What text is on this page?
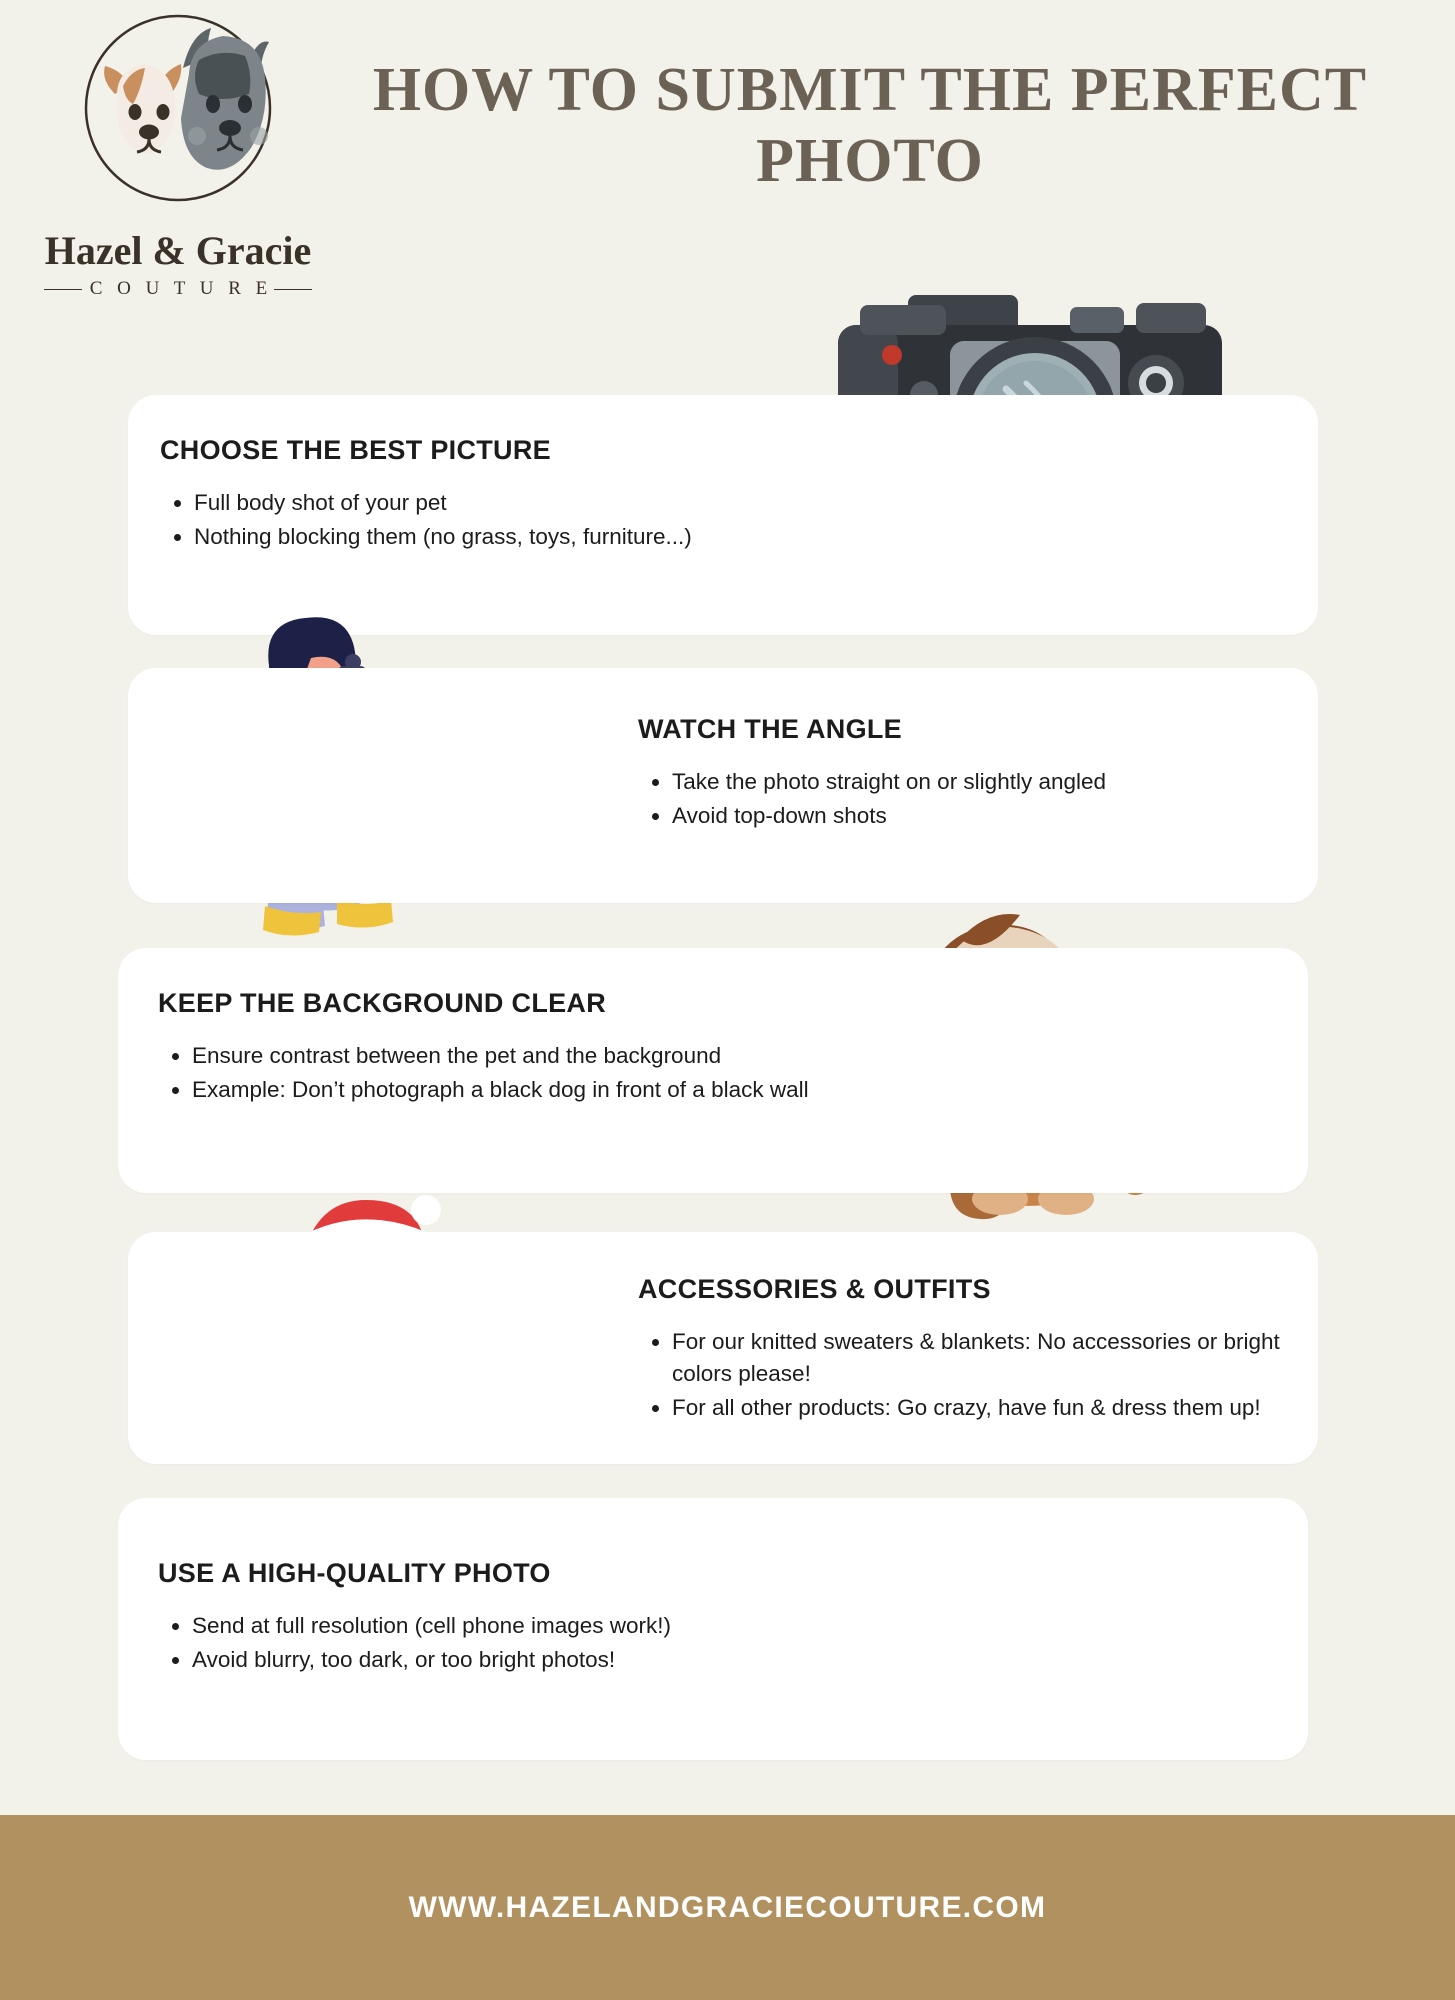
Hazel & Gracie
C O U T U R E
HOW TO SUBMIT THE PERFECT PHOTO
CHOOSE THE BEST PICTURE
• Full body shot of your pet
• Nothing blocking them (no grass, toys, furniture...)
WATCH THE ANGLE
• Take the photo straight on or slightly angled
• Avoid top-down shots
KEEP THE BACKGROUND CLEAR
• Ensure contrast between the pet and the background
• Example: Don’t photograph a black dog in front of a black wall
ACCESSORIES & OUTFITS
• For our knitted sweaters & blankets: No accessories or bright colors please!
• For all other products: Go crazy, have fun & dress them up!
USE A HIGH-QUALITY PHOTO
• Send at full resolution (cell phone images work!)
• Avoid blurry, too dark, or too bright photos!
WWW.HAZELANDGRACIECOUTURE.COM
